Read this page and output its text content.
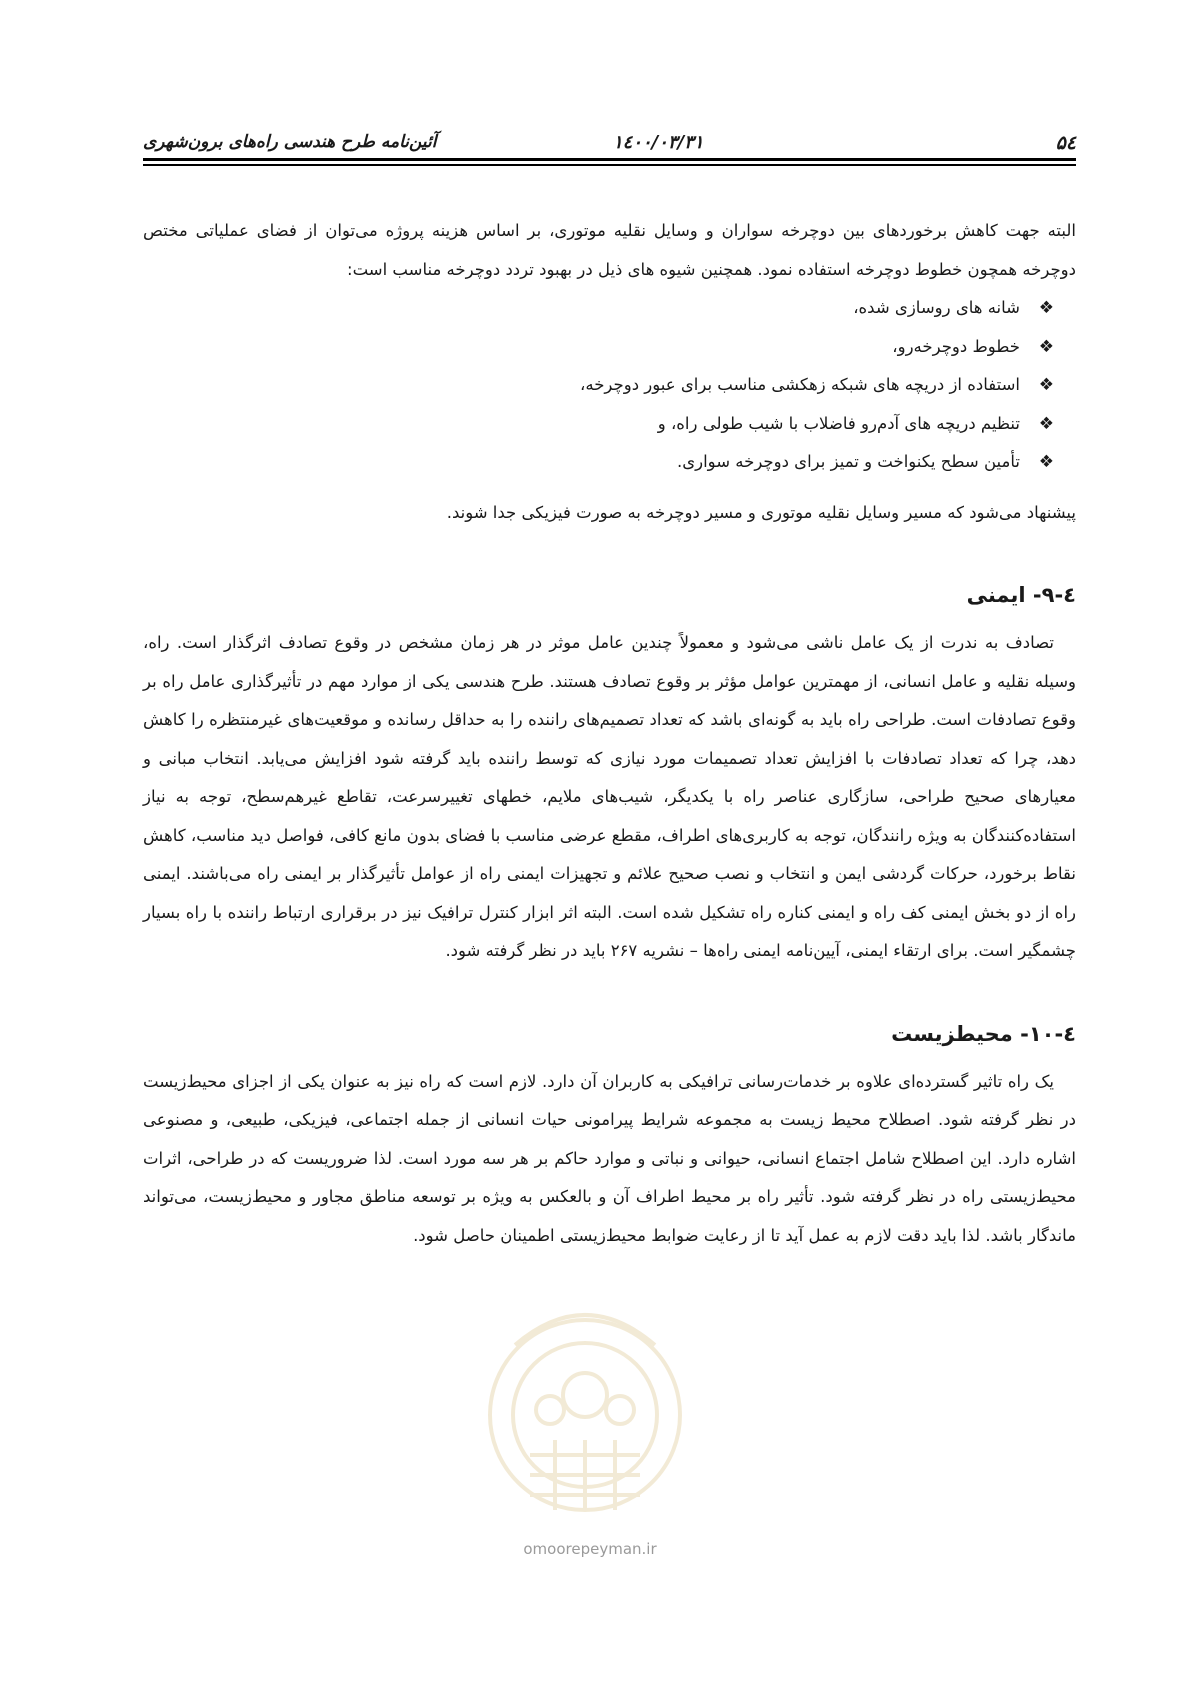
۵٤
۱٤۰۰/۰۳/۳۱
آئین‌نامه طرح هندسی راه‌های برون‌شهری

البته جهت کاهش برخوردهای بین دوچرخه سواران و وسایل نقلیه موتوری، بر اساس هزینه پروژه می‌توان از فضای عملیاتی مختص دوچرخه همچون خطوط دوچرخه استفاده نمود. همچنین شیوه های ذیل در بهبود تردد دوچرخه مناسب است:

❖
شانه های روسازی شده،
❖
خطوط دوچرخه‌رو،
❖
استفاده از دریچه های شبکه زهکشی مناسب برای عبور دوچرخه،
❖
تنظیم دریچه های آدم‌رو فاضلاب با شیب طولی راه، و
❖
تأمین سطح یکنواخت و تمیز برای دوچرخه سواری.

پیشنهاد می‌شود که مسیر وسایل نقلیه موتوری و مسیر دوچرخه به صورت فیزیکی جدا شوند.

٤-۹- ایمنی

تصادف به ندرت از یک عامل ناشی می‌شود و معمولاً چندین عامل موثر در هر زمان مشخص در وقوع تصادف اثرگذار است. راه، وسیله نقلیه و عامل انسانی، از مهمترین عوامل مؤثر بر وقوع تصادف هستند. طرح هندسی یکی از موارد مهم در تأثیرگذاری عامل راه بر وقوع تصادفات است. طراحی راه باید به گونه‌ای باشد که تعداد تصمیم‌های راننده را به حداقل رسانده و موقعیت‌های غیرمنتظره را کاهش دهد، چرا که تعداد تصادفات با افزایش تعداد تصمیمات مورد نیازی که توسط راننده باید گرفته شود افزایش می‌یابد. انتخاب مبانی و معیارهای صحیح طراحی، سازگاری عناصر راه با یکدیگر، شیب‌های ملایم، خطهای تغییرسرعت، تقاطع غیرهم‌سطح، توجه به نیاز استفاده‌کنندگان به ویژه رانندگان، توجه به کاربری‌های اطراف، مقطع عرضی مناسب با فضای بدون مانع کافی، فواصل دید مناسب، کاهش نقاط برخورد، حرکات گردشی ایمن و انتخاب و نصب صحیح علائم و تجهیزات ایمنی راه از عوامل تأثیرگذار بر ایمنی راه می‌باشند. ایمنی راه از دو بخش ایمنی کف راه و ایمنی کناره راه تشکیل شده است. البته اثر ابزار کنترل ترافیک نیز در برقراری ارتباط راننده با راه بسیار چشمگیر است. برای ارتقاء ایمنی، آیین‌نامه ایمنی راه‌ها – نشریه ۲۶۷ باید در نظر گرفته شود.

٤-۱۰- محیطزیست

یک راه تاثیر گسترده‌ای علاوه بر خدمات‌رسانی ترافیکی به کاربران آن دارد. لازم است که راه نیز به عنوان یکی از اجزای محیط‌زیست در نظر گرفته شود. اصطلاح محیط زیست به مجموعه شرایط پیرامونی حیات انسانی از جمله اجتماعی، فیزیکی، طبیعی، و مصنوعی اشاره دارد. این اصطلاح شامل اجتماع انسانی، حیوانی و نباتی و موارد حاکم بر هر سه مورد است. لذا ضروریست که در طراحی، اثرات محیط‌زیستی راه در نظر گرفته شود. تأثیر راه بر محیط اطراف آن و بالعکس به ویژه بر توسعه مناطق مجاور و محیط‌زیست، می‌تواند ماندگار باشد. لذا باید دقت لازم به عمل آید تا از رعایت ضوابط محیط‌زیستی اطمینان حاصل شود.

omoorepeyman.ir
